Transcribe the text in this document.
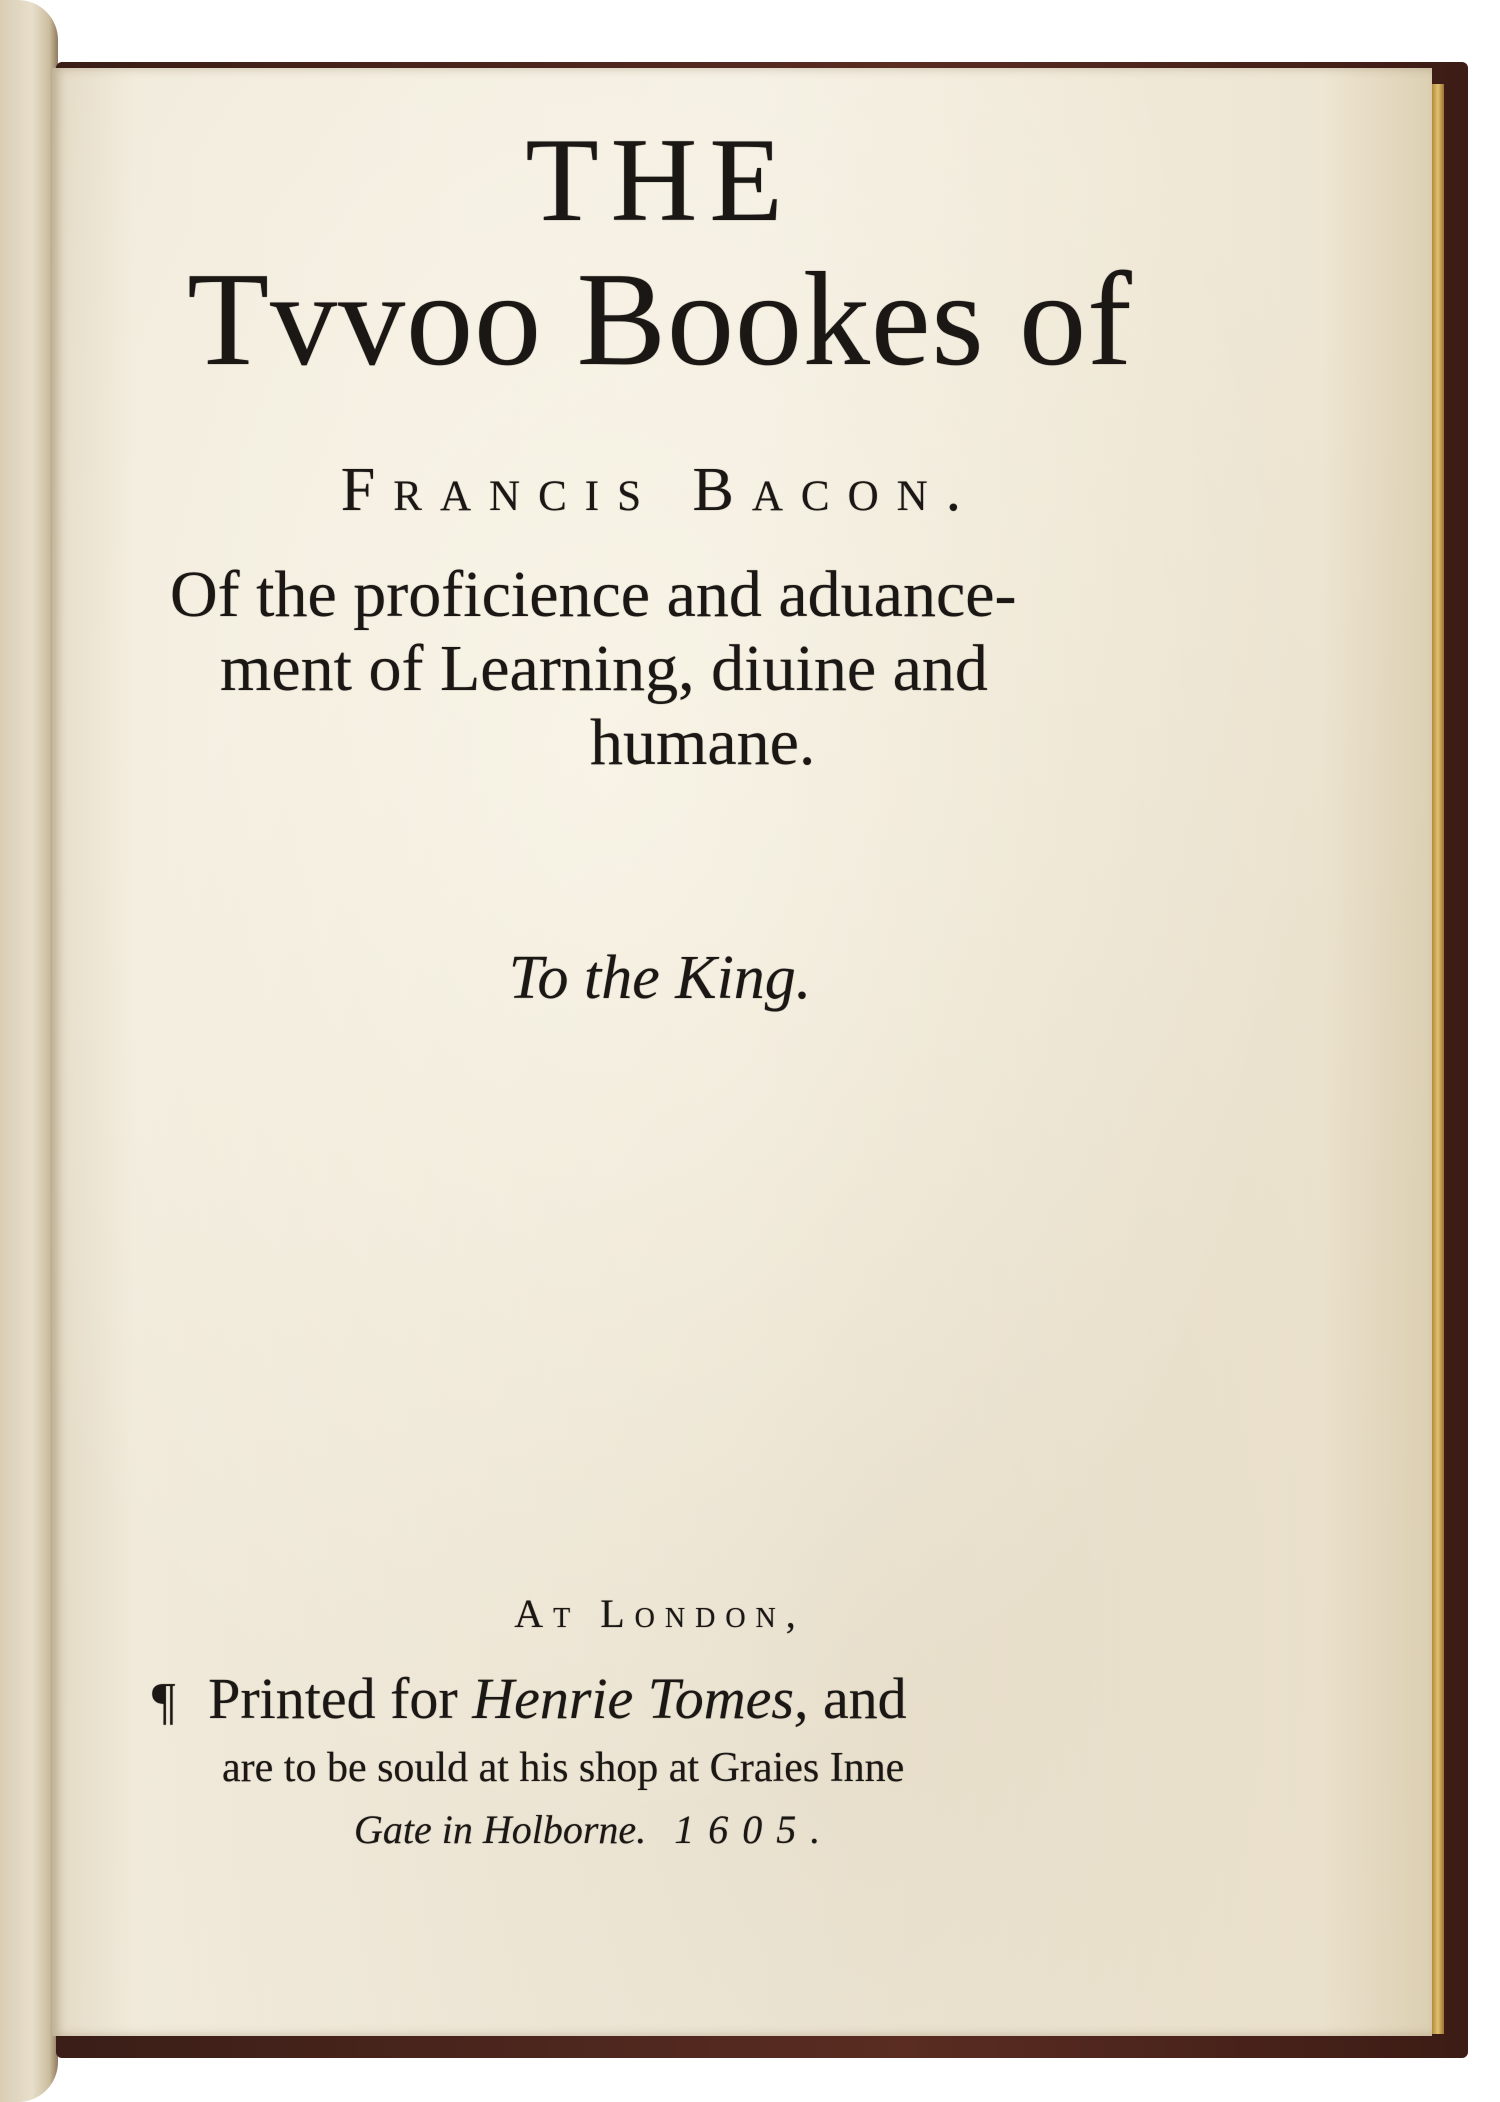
THE
Tvvoo Bookes of
Francis Bacon.
Of the proficience and aduance-
ment of Learning, diuine and
humane.
To the King.
At London,
¶ Printed for Henrie Tomes, and
are to be sould at his shop at Graies Inne
Gate in Holborne. 1605.
